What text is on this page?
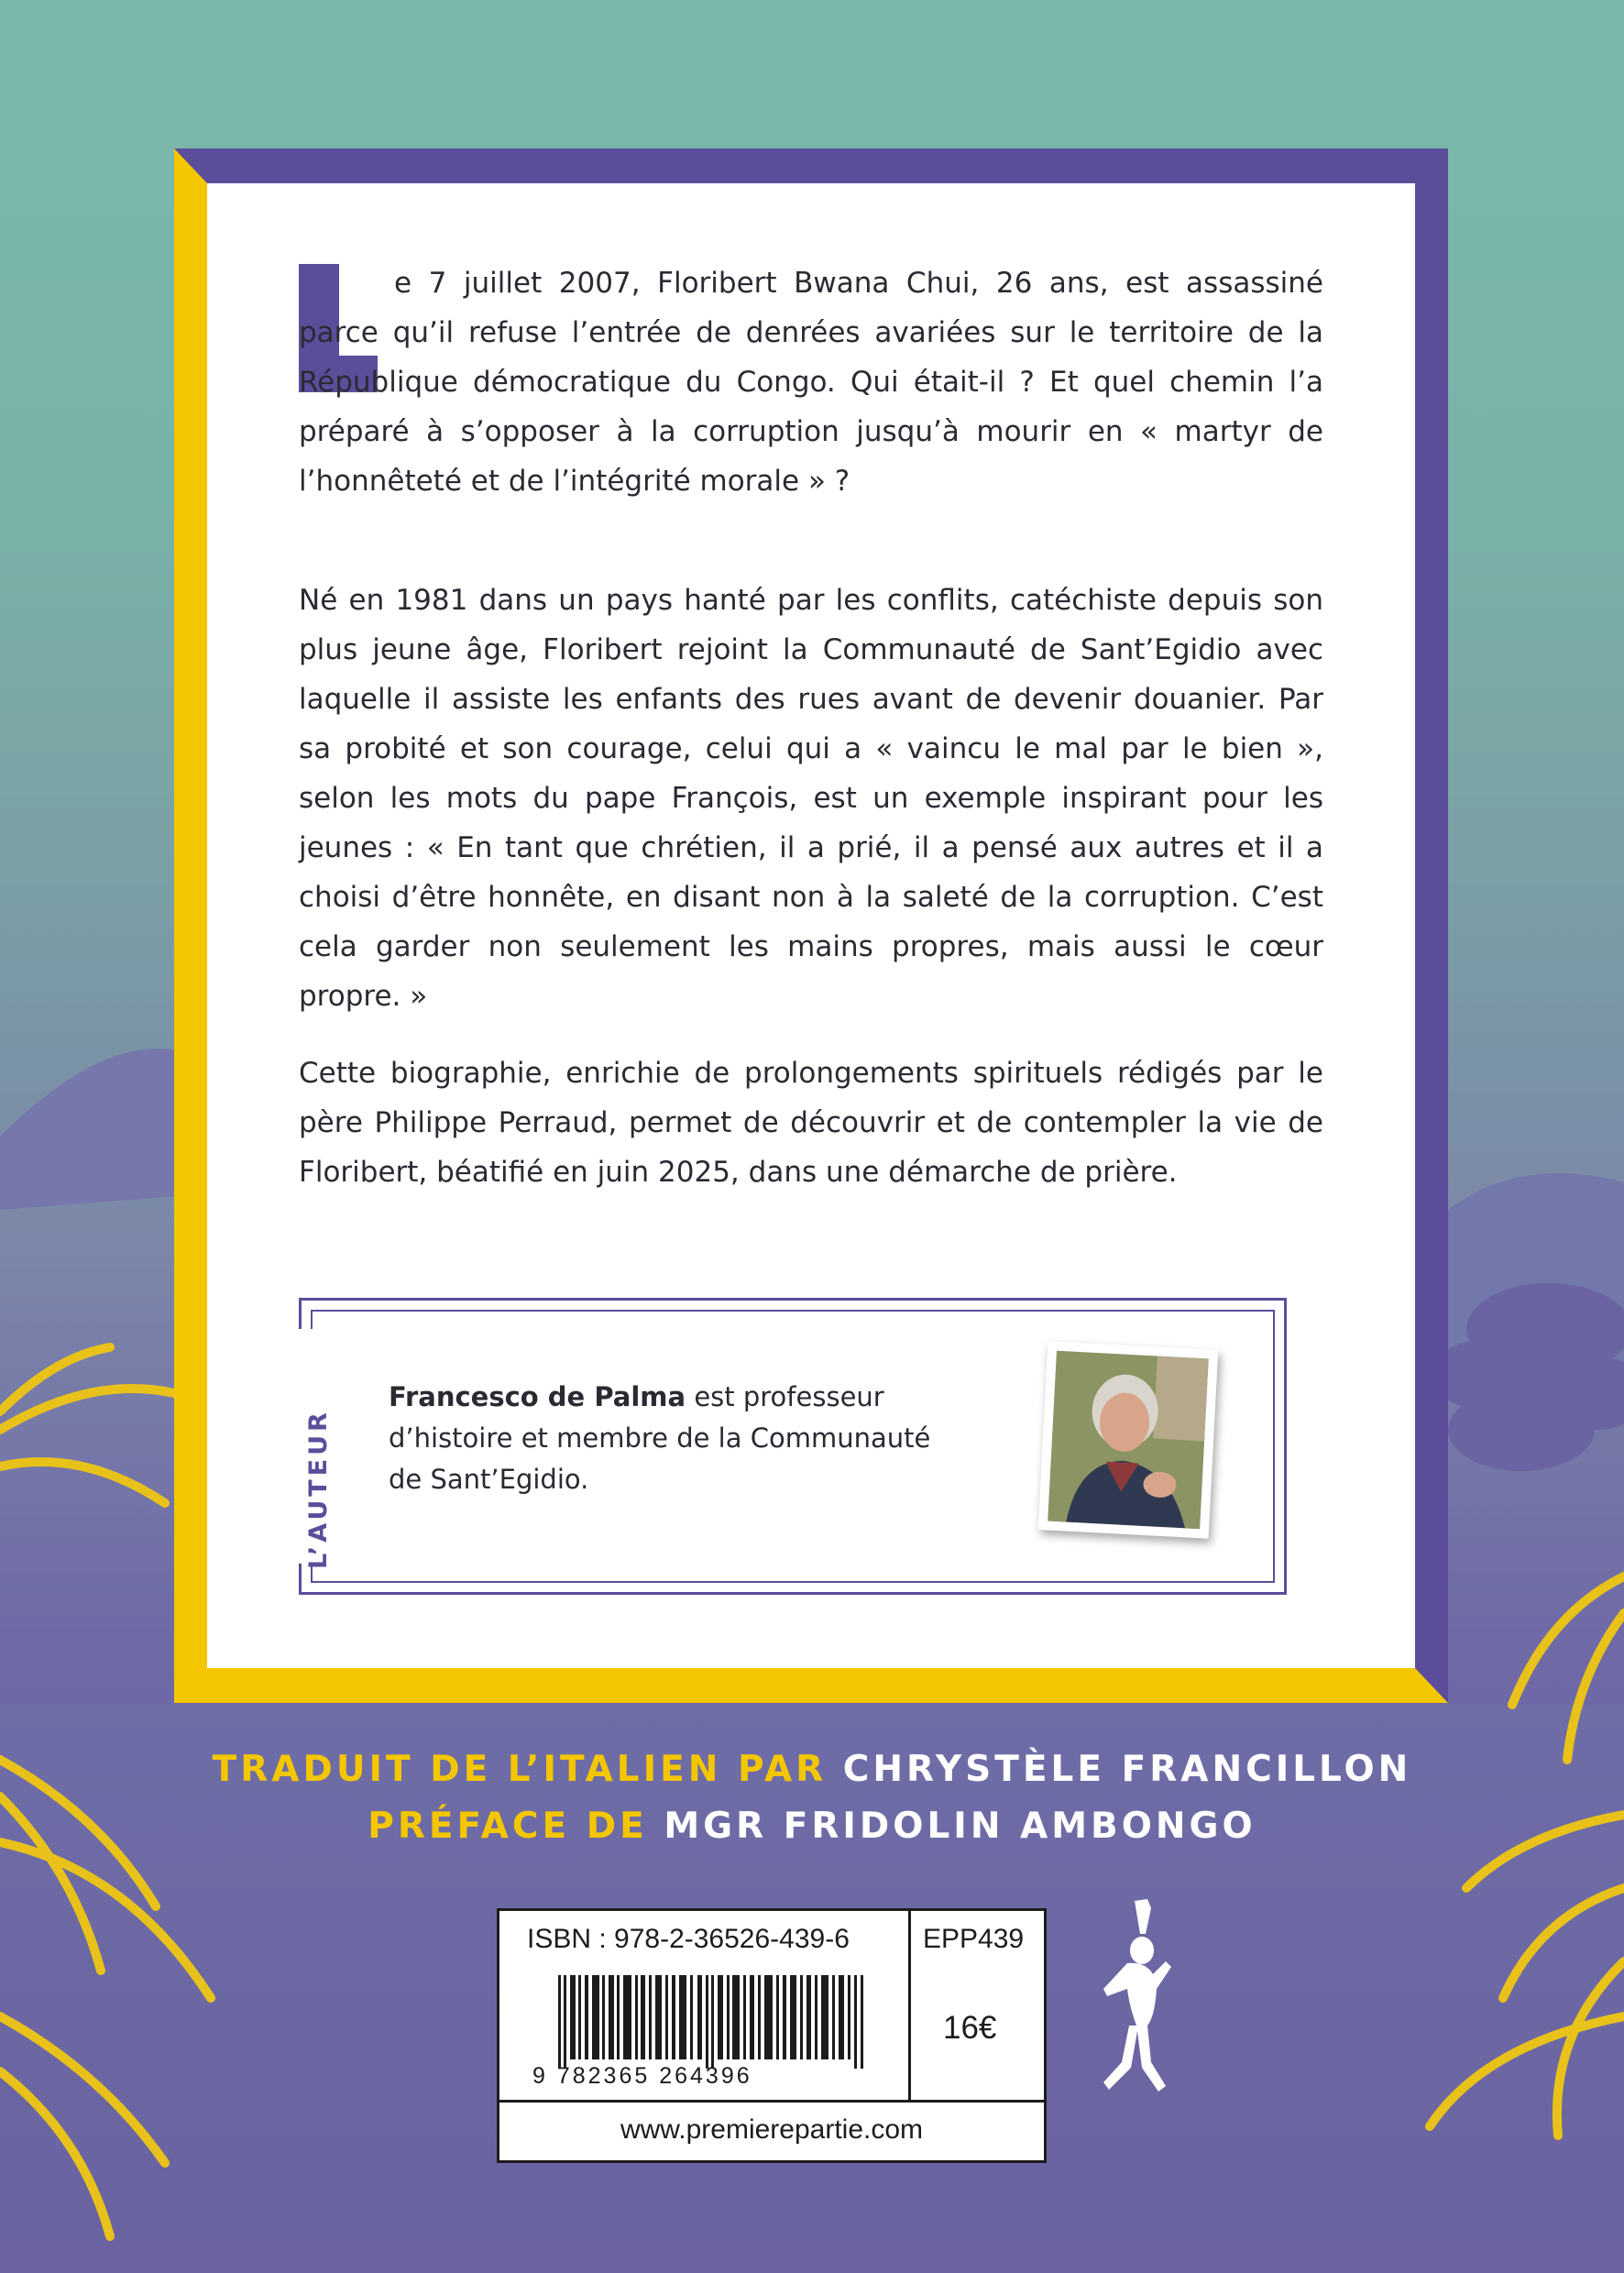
e 7 juillet 2007, Floribert Bwana Chui, 26 ans, est assassiné parce qu’il refuse l’entrée de denrées avariées sur le territoire de la République démocratique du Congo. Qui était-il ? Et quel chemin l’a préparé à s’opposer à la corruption jusqu’à mourir en « martyr de l’honnêteté et de l’intégrité morale » ?

Né en 1981 dans un pays hanté par les conflits, catéchiste depuis son plus jeune âge, Floribert rejoint la Communauté de Sant’Egidio avec laquelle il assiste les enfants des rues avant de devenir douanier. Par sa probité et son courage, celui qui a « vaincu le mal par le bien », selon les mots du pape François, est un exemple inspirant pour les jeunes : « En tant que chrétien, il a prié, il a pensé aux autres et il a choisi d’être honnête, en disant non à la saleté de la corruption. C’est cela garder non seulement les mains propres, mais aussi le cœur propre. »

Cette biographie, enrichie de prolongements spirituels rédigés par le père Philippe Perraud, permet de découvrir et de contempler la vie de Floribert, béatifié en juin 2025, dans une démarche de prière.

L’AUTEUR

Francesco de Palma est professeur d’histoire et membre de la Communauté de Sant’Egidio.

TRADUIT DE L’ITALIEN PAR CHRYSTÈLE FRANCILLON

PRÉFACE DE MGR FRIDOLIN AMBONGO

ISBN : 978-2-36526-439-6	EPP439
16€
9 782365 264396
www.premierepartie.com
